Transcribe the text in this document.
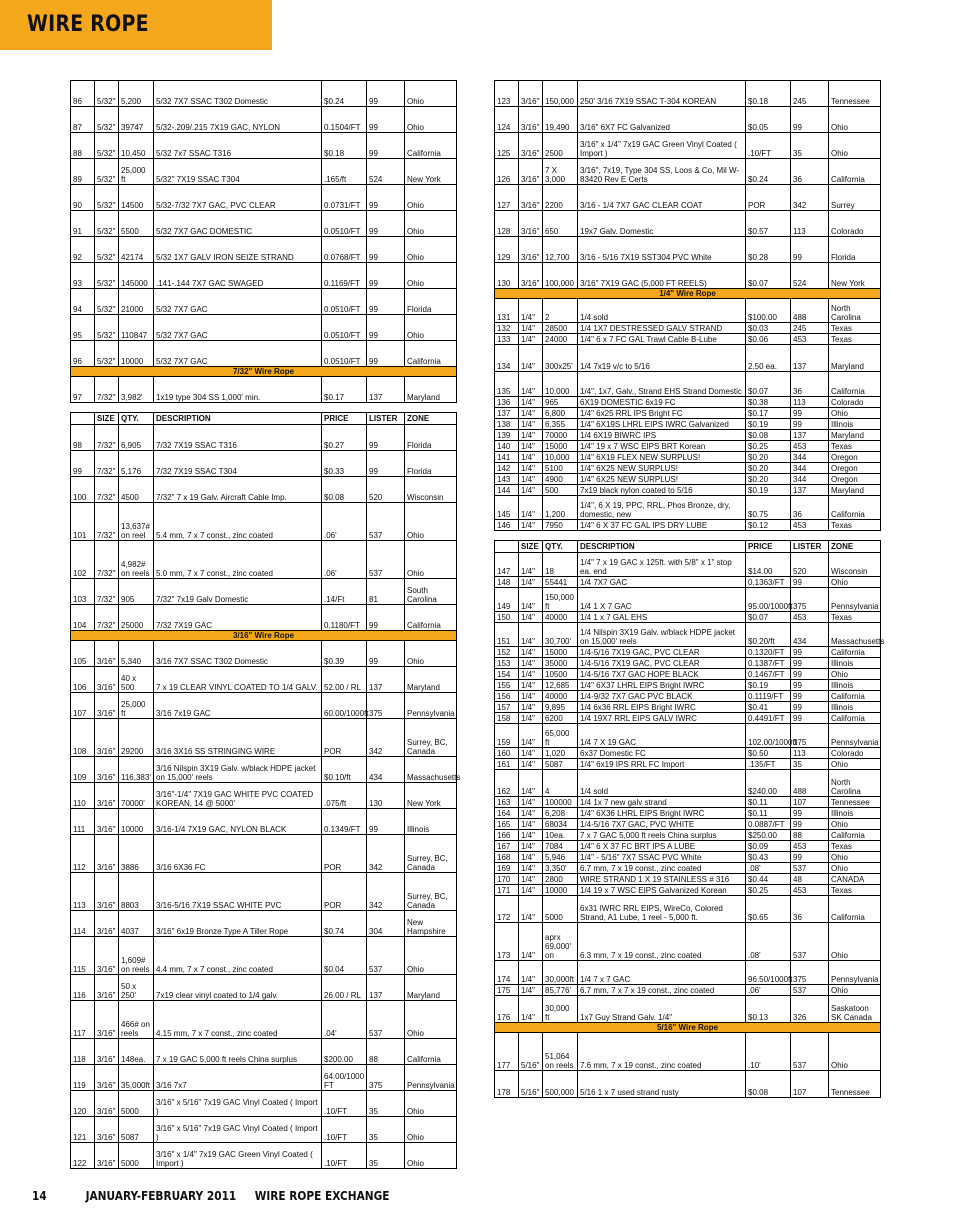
WIRE ROPE
86	5/32"	5,200	5/32 7X7 SSAC T302 Domestic	$0.24	99	Ohio
87	5/32"	39747	5/32-.209/.215 7X19 GAC, NYLON	0.1504/FT	99	Ohio
88	5/32"	10,450	5/32 7x7 SSAC T316	$0.18	99	California
89	5/32"	25,000 ft	5/32" 7X19 SSAC T304	.165/ft	524	New York
90	5/32"	14500	5/32-7/32 7X7 GAC, PVC CLEAR	0.0731/FT	99	Ohio
91	5/32"	5500	5/32 7X7 GAC DOMESTIC	0.0510/FT	99	Ohio
92	5/32"	42174	5/32 1X7 GALV IRON SEIZE STRAND	0.0768/FT	99	Ohio
93	5/32"	145000	.141-.144 7X7 GAC SWAGED	0.1169/FT	99	Ohio
94	5/32"	21000	5/32 7X7 GAC	0.0510/FT	99	Florida
95	5/32"	110847	5/32 7X7 GAC	0.0510/FT	99	Ohio
96	5/32"	10000	5/32 7X7 GAC	0.0510/FT	99	California
7/32" Wire Rope						
97	7/32"	3,982'	1x19 type 304 SS 1,000' min.	$0.17	137	Maryland

	SIZE	QTY.	DESCRIPTION	PRICE	LISTER	ZONE
98	7/32"	6,905	7/32 7X19 SSAC T316	$0.27	99	Florida
99	7/32"	5,176	7/32 7X19 SSAC T304	$0.33	99	Florida
100	7/32"	4500	7/32" 7 x 19 Galv. Aircraft Cable Imp.	$0.08	520	Wisconsin
101	7/32"	13,637# on reel	5.4 mm, 7 x 7 const., zinc coated	.06'	537	Ohio
102	7/32"	4,982# on reels	5.0 mm, 7 x 7 const., zinc coated	.06'	537	Ohio
103	7/32"	905	7/32" 7x19 Galv Domestic	.14/Ft	81	South Carolina
104	7/32"	25000	7/32 7X19 GAC	0.1180/FT	99	California
3/16" Wire Rope						
105	3/16"	5,340	3/16 7X7 SSAC T302 Domestic	$0.39	99	Ohio
106	3/16"	40 x 500	7 x 19 CLEAR VINYL COATED TO 1/4 GALV.	52.00 / RL	137	Maryland
107	3/16"	25,000 ft	3/16 7x19 GAC	60.00/1000ft	375	Pennsylvania
108	3/16"	29200	3/16 3X16 SS STRINGING WIRE	POR	342	Surrey, BC, Canada
109	3/16"	116,383'	3/16 Nilspin 3X19 Galv. w/black HDPE jacket on 15,000' reels	$0.10/ft	434	Massachusetts
110	3/16"	70000'	3/16"-1/4" 7X19 GAC WHITE PVC COATED KOREAN, 14 @ 5000'	.075/ft	130	New York
111	3/16"	10000	3/16-1/4 7X19 GAC, NYLON BLACK	0.1349/FT	99	Illinois
112	3/16"	3886	3/16 6X36 FC	POR	342	Surrey, BC, Canada
113	3/16"	8803	3/16-5/16 7X19 SSAC WHITE PVC	POR	342	Surrey, BC, Canada
114	3/16"	4037	3/16" 6x19 Bronze Type A Tiller Rope	$0.74	304	New Hampshire
115	3/16"	1,609# on reels	4.4 mm, 7 x 7 const., zinc coated	$0.04	537	Ohio
116	3/16"	50 x 250'	7x19 clear vinyl coated to 1/4 galv.	26.00 / RL	137	Maryland
117	3/16"	466# on reels	4.15 mm, 7 x 7 const., zinc coated	.04'	537	Ohio
118	3/16"	148ea.	7 x 19 GAC 5,000 ft reels China surplus	$200.00	88	California
119	3/16"	35,000ft	3/16 7x7	64.00/1000 FT	375	Pennsylvania
120	3/16"	5000	3/16" x 5/16" 7x19 GAC Vinyl Coated ( Import )	.10/FT	35	Ohio
121	3/16"	5087	3/16" x 5/16" 7x19 GAC Vinyl Coated ( Import )	.10/FT	35	Ohio
122	3/16"	5000	3/16" x 1/4" 7x19 GAC Green Vinyl Coated ( Import )	.10/FT	35	Ohio
123	3/16"	150,000	250' 3/16 7X19 SSAC T-304 KOREAN	$0.18	245	Tennessee
124	3/16"	19,490	3/16" 6X7 FC Galvanized	$0.05	99	Ohio
125	3/16"	2500	3/16" x 1/4" 7x19 GAC Green Vinyl Coated ( Import )	.10/FT	35	Ohio
126	3/16"	7 X 3,000	3/16", 7x19, Type 304 SS, Loos & Co, Mil W-83420 Rev E Certs	$0.24	36	California
127	3/16"	2200	3/16 - 1/4 7X7 GAC CLEAR COAT	POR	342	Surrey
128	3/16"	650	19x7 Galv. Domestic	$0.57	113	Colorado
129	3/16"	12,700	3/16 - 5/16 7X19 SST304 PVC White	$0.28	99	Florida
130	3/16"	100,000	3/16" 7X19 GAC (5,000 FT REELS)	$0.07	524	New York
1/4" Wire Rope						
131	1/4"	2	1/4 sold	$100.00	488	North Carolina
132	1/4"	28500	1/4 1X7 DESTRESSED GALV STRAND	$0.03	245	Texas
133	1/4"	24000	1/4" 6 x 7 FC GAL Trawl Cable B-Lube	$0.06	453	Texas
134	1/4"	300x25'	1/4 7x19 v/c to 5/16	2.50 ea.	137	Maryland
135	1/4"	10,000	1/4", 1x7, Galv., Strand EHS Strand Domestic	$0.07	36	California
136	1/4"	965	6X19 DOMESTIC 6x19 FC	$0.38	113	Colorado
137	1/4"	6,800	1/4" 6x25 RRL IPS Bright FC	$0.17	99	Ohio
138	1/4"	6,355	1/4" 6X19S LHRL EIPS IWRC Galvanized	$0.19	99	Illinois
139	1/4"	70000	1/4 6X19 BIWRC IPS	$0.08	137	Maryland
140	1/4"	15000	1/4" 19 x 7 WSC EIPS BRT Korean	$0.25	453	Texas
141	1/4"	10,000	1/4" 6X19 FLEX NEW SURPLUS!	$0.20	344	Oregon
142	1/4"	5100	1/4" 6X25 NEW SURPLUS!	$0.20	344	Oregon
143	1/4"	4900	1/4" 6X25 NEW SURPLUS!	$0.20	344	Oregon
144	1/4"	500	7x19 black nylon coated to 5/16	$0.19	137	Maryland
145	1/4"	1,200	1/4", 6 X 19, PPC, RRL, Phos Bronze, dry, domestic, new	$0.75	36	California
146	1/4"	7950	1/4" 6 X 37 FC GAL IPS DRY LUBE	$0.12	453	Texas

	SIZE	QTY.	DESCRIPTION	PRICE	LISTER	ZONE
147	1/4"	18	1/4" 7 x 19 GAC x 125ft. with 5/8" x 1" stop ea. end	$14.00	520	Wisconsin
148	1/4"	55441	1/4 7X7 GAC	0.1363/FT	99	Ohio
149	1/4"	150,000 ft	1/4 1 X 7 GAC	95.00/1000ft	375	Pennsylvania
150	1/4"	40000	1/4 1 x 7 GAL EHS	$0.07	453	Texas
151	1/4"	30,700'	1/4 Nilspin 3X19 Galv. w/black HDPE jacket on 15,000' reels	$0.20/ft	434	Massachusetts
152	1/4"	15000	1/4-5/16 7X19 GAC, PVC CLEAR	0.1320/FT	99	California
153	1/4"	35000	1/4-5/16 7X19 GAC, PVC CLEAR	0.1387/FT	99	Illinois
154	1/4"	10500	1/4-5/16 7X7 GAC HOPE BLACK	0.1467/FT	99	Ohio
155	1/4"	12,685	1/4" 6X37 LHRL EIPS Bright IWRC	$0.19	99	Illinois
156	1/4"	40000	1/4-9/32 7X7 GAC PVC BLACK	0.1119/FT	99	California
157	1/4"	9,895	1/4 6x36 RRL EIPS Bright IWRC	$0.41	99	Illinois
158	1/4"	6200	1/4 19X7 RRL EIPS GALV IWRC	0.4491/FT	99	California
159	1/4"	65,000 ft	1/4 7 X 19 GAC	102.00/1000ft	375	Pennsylvania
160	1/4"	1,020	6x37 Domestic FC	$0.50	113	Colorado
161	1/4"	5087	1/4" 6x19 IPS RRL FC Import	.135/FT	35	Ohio
162	1/4"	4	1/4 sold	$240.00	488	North Carolina
163	1/4"	100000	1/4 1x 7 new galv strand	$0.11	107	Tennessee
164	1/4"	6,208	1/4" 6X36 LHRL EIPS Bright IWRC	$0.11	99	Illinois
165	1/4"	68034	1/4-5/16 7X7 GAC, PVC WHITE	0.0887/FT	99	Ohio
166	1/4"	10ea.	7 x 7 GAC 5,000 ft reels China surplus	$250.00	88	California
167	1/4"	7084	1/4" 6 X 37 FC BRT IPS A LUBE	$0.09	453	Texas
168	1/4"	5,946	1/4" - 5/16" 7X7 SSAC PVC White	$0.43	99	Ohio
169	1/4"	3,350'	6.7 mm, 7 x 19 const., zinc coated	.08'	537	Ohio
170	1/4"	2800	WIRE STRAND 1 X 19 STAINLESS # 316	$0.44	48	CANADA
171	1/4"	10000	1/4 19 x 7 WSC EIPS Galvanized Korean	$0.25	453	Texas
172	1/4"	5000	6x31 IWRC RRL EIPS, WireCo, Colored Strand, A1 Lube, 1 reel - 5,000 ft.	$0.65	36	California
173	1/4"	aprx 69,000' on	6.3 mm, 7 x 19 const., zinc coated	.08'	537	Ohio
174	1/4"	30,000ft	1/4 7 x 7 GAC	96.50/1000ft	375	Pennsylvania
175	1/4"	85,776'	6.7 mm, 7 x 7 x 19 const., zinc coated	.06'	537	Ohio
176	1/4"	30,000 ft	1x7 Guy Strand Galv. 1/4"	$0.13	326	Saskatoon SK Canada
5/16" Wire Rope						
177	5/16"	51,064 on reels	7.6 mm, 7 x 19 const., zinc coated	.10'	537	Ohio
178	5/16"	500,000	5/16 1 x 7 used strand rusty	$0.08	107	Tennessee
14	JANUARY-FEBRUARY 2011 WIRE ROPE EXCHANGE
